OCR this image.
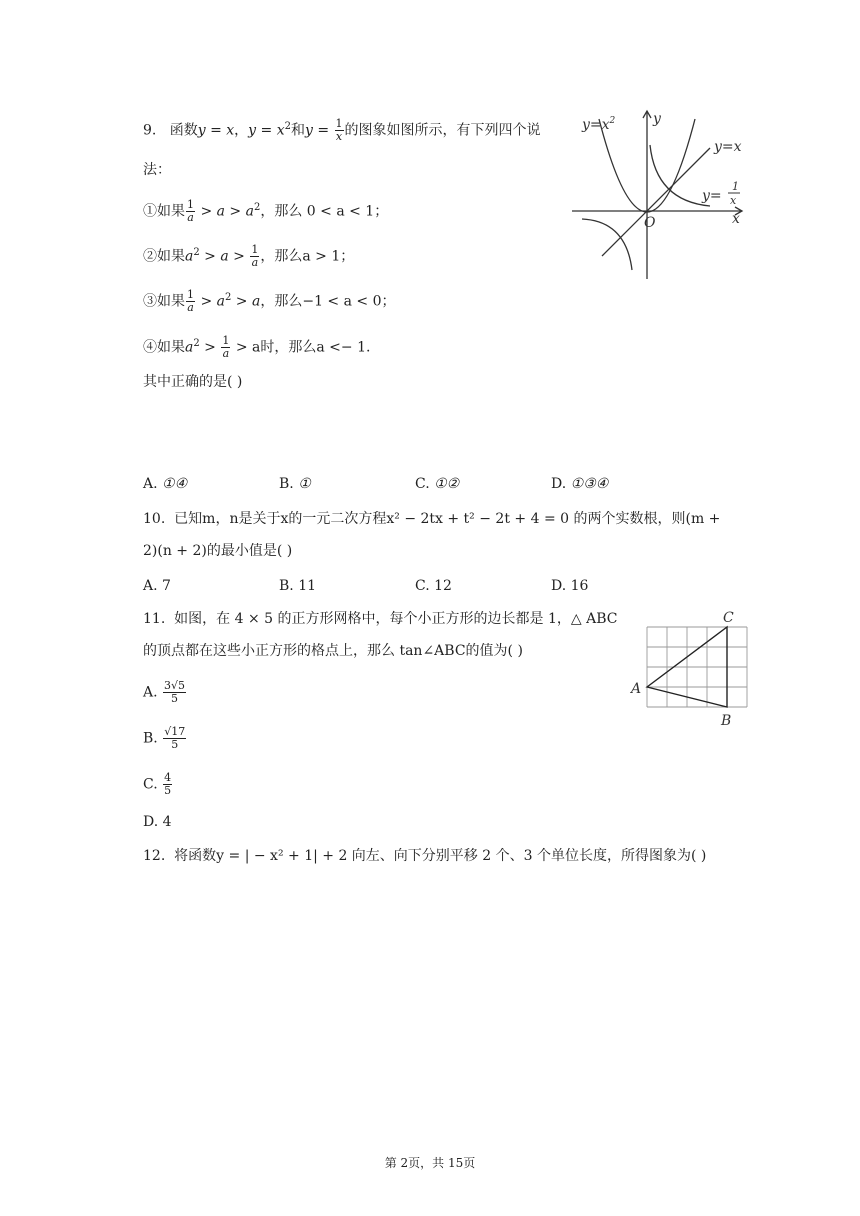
9. 函数y = x，$y = x^2$和$y = \frac{1}{x}$ 的图象如图所示，有下列四个说
法：
①如果 $\frac{1}{a} > a > a^2$，那么 0 < a < 1；
②如果$a^2 > a > \frac{1}{a}$ ，那么a > 1；
③如果 $\frac{1}{a} > a^2 > a$，那么−1 < a < 0；
④如果$a^2 > \frac{1}{a} > a$时，那么a <− 1.
其中正确的是( )
A. ①④	B. ①	C. ①②	D. ①③④
$y=x^2$	y
y=x
y=
1
x
O	x
10. 已知m，n是关于x的一元二次方程x² − 2tx + t² − 2t + 4 = 0 的两个实数根，则(m +
2)(n + 2)的最小值是( )
A. 7	B. 11	C. 12	D. 16
11. 如图，在 4 × 5 的正方形网格中，每个小正方形的边长都是 1，△ ABC
的顶点都在这些小正方形的格点上，那么 tan∠ABC的值为( )
A. $\frac{3√5}{5}$
B. $\frac{√17}{5}$
C. $\frac{4}{5}$
D. 4
A
B
C
12. 将函数y = | − x² + 1| + 2 向左、向下分别平移 2 个、3 个单位长度，所得图象为( )
第 2页，共 15页
